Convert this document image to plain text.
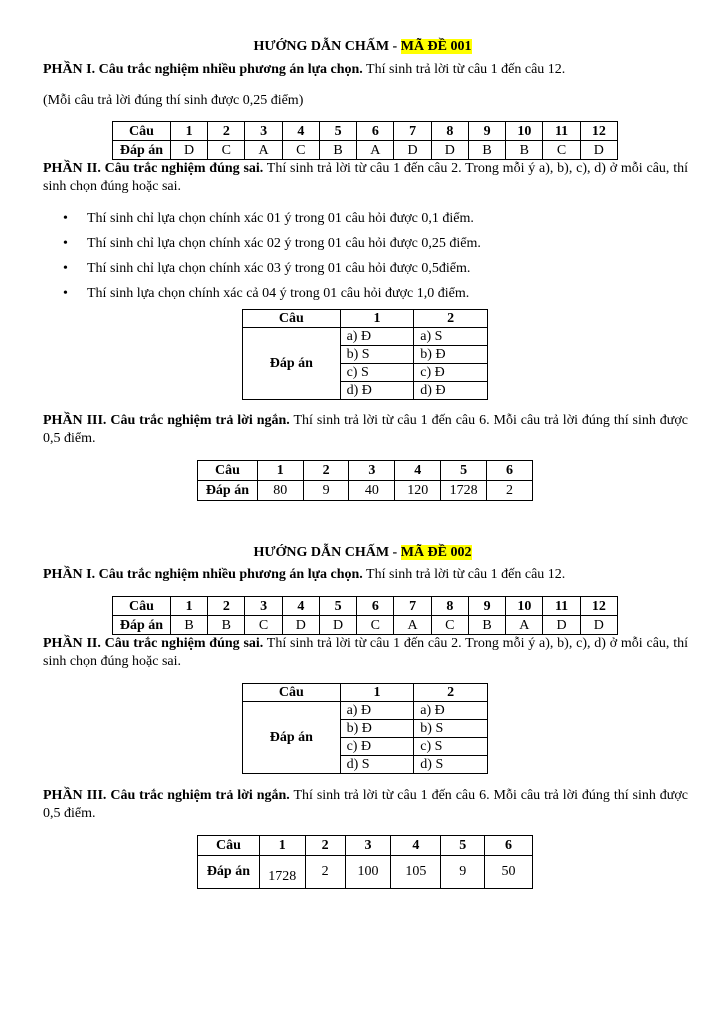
HƯỚNG DẪN CHẤM - MÃ ĐỀ 001
PHẦN I. Câu trắc nghiệm nhiều phương án lựa chọn. Thí sinh trả lời từ câu 1 đến câu 12.
(Mỗi câu trả lời đúng thí sinh được 0,25 điểm)
Câu	1	2	3	4	5	6	7	8	9	10	11	12
Đáp án	D	C	A	C	B	A	D	D	B	B	C	D
PHẦN II. Câu trắc nghiệm đúng sai. Thí sinh trả lời từ câu 1 đến câu 2. Trong mỗi ý a), b), c), d) ở mỗi câu, thí sinh chọn đúng hoặc sai.
• Thí sinh chỉ lựa chọn chính xác 01 ý trong 01 câu hỏi được 0,1 điểm.
• Thí sinh chỉ lựa chọn chính xác 02 ý trong 01 câu hỏi được 0,25 điểm.
• Thí sinh chỉ lựa chọn chính xác 03 ý trong 01 câu hỏi được 0,5điểm.
• Thí sinh lựa chọn chính xác cả 04 ý trong 01 câu hỏi được 1,0 điểm.
Câu	1	2
Đáp án	a) Đ	a) S
	b) S	b) Đ
	c) S	c) Đ
	d) Đ	d) Đ
PHẦN III. Câu trắc nghiệm trả lời ngắn. Thí sinh trả lời từ câu 1 đến câu 6. Mỗi câu trả lời đúng thí sinh được 0,5 điểm.
Câu	1	2	3	4	5	6
Đáp án	80	9	40	120	1728	2
HƯỚNG DẪN CHẤM - MÃ ĐỀ 002
PHẦN I. Câu trắc nghiệm nhiều phương án lựa chọn. Thí sinh trả lời từ câu 1 đến câu 12.
Câu	1	2	3	4	5	6	7	8	9	10	11	12
Đáp án	B	B	C	D	D	C	A	C	B	A	D	D
PHẦN II. Câu trắc nghiệm đúng sai. Thí sinh trả lời từ câu 1 đến câu 2. Trong mỗi ý a), b), c), d) ở mỗi câu, thí sinh chọn đúng hoặc sai.
Câu	1	2
Đáp án	a) Đ	a) Đ
	b) Đ	b) S
	c) Đ	c) S
	d) S	d) S
PHẦN III. Câu trắc nghiệm trả lời ngắn. Thí sinh trả lời từ câu 1 đến câu 6. Mỗi câu trả lời đúng thí sinh được 0,5 điểm.
Câu	1	2	3	4	5	6
Đáp án	1728	2	100	105	9	50
